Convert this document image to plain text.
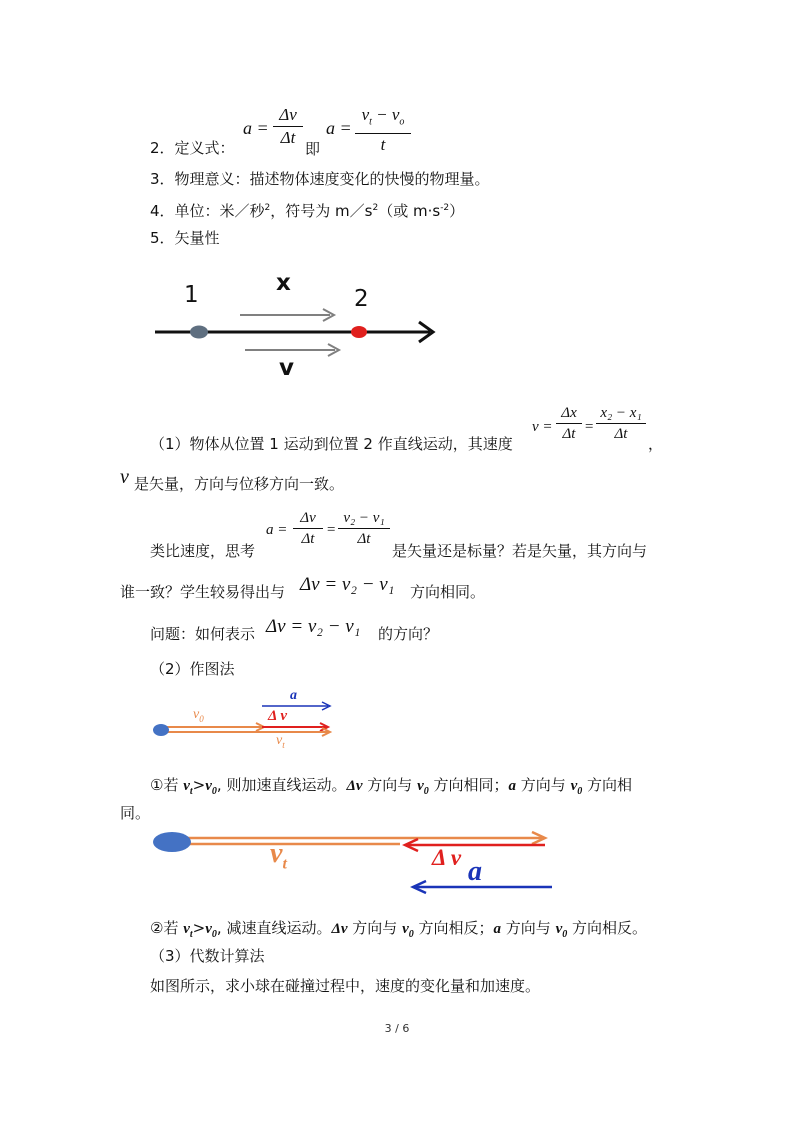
2．定义式：
a =
Δv
Δt
即
a =
$v_t - v_o$
t
3．物理意义：描述物体速度变化的快慢的物理量。
4．单位：米／秒$^2$，符号为 $m/s^2$（或 $m\cdot s^{-2}$）
5．矢量性
1	x
2
v
（1）物体从位置 1 运动到位置 2 作直线运动，其速度
v =
Δx
Δt =
x₂ − x₁
Δt
，
v 是矢量，方向与位移方向一致。
类比速度，思考
a =
Δv
Δt
=
v₂ − v₁
Δt
是矢量还是标量？若是矢量，其方向与
谁一致？学生较易得出与 Δv = v₂ − v₁ 方向相同。
问题：如何表示 Δv = v₂ − v₁ 的方向？
（2）作图法
a
$v_0$	Δ v
$v_t$
①若 $v_t>v_0$, 则加速直线运动。Δv 方向与 $v_0$ 方向相同；a 方向与 $v_0$ 方向相
同。
$v_t$	Δ v a
②若 $v_t>v_0$, 减速直线运动。Δv 方向与 $v_0$ 方向相反；a 方向与 $v_0$ 方向相反。
（3）代数计算法
如图所示，求小球在碰撞过程中，速度的变化量和加速度。
3 / 6
